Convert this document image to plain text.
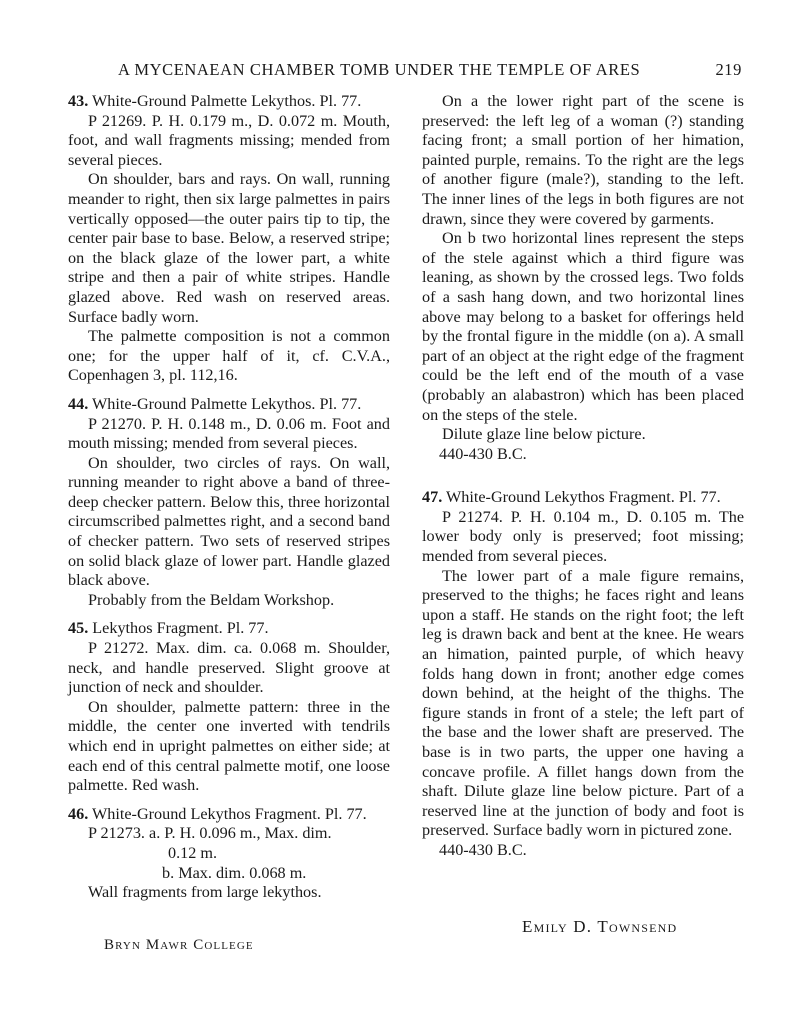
A MYCENAEAN CHAMBER TOMB UNDER THE TEMPLE OF ARES	219

43. White-Ground Palmette Lekythos. Pl. 77.

P 21269. P. H. 0.179 m., D. 0.072 m. Mouth, foot, and wall fragments missing; mended from several pieces.

On shoulder, bars and rays. On wall, running meander to right, then six large palmettes in pairs vertically opposed—the outer pairs tip to tip, the center pair base to base. Below, a reserved stripe; on the black glaze of the lower part, a white stripe and then a pair of white stripes. Handle glazed above. Red wash on reserved areas. Surface badly worn.

The palmette composition is not a common one; for the upper half of it, cf. C.V.A., Copenhagen 3, pl. 112,16.

44. White-Ground Palmette Lekythos. Pl. 77.

P 21270. P. H. 0.148 m., D. 0.06 m. Foot and mouth missing; mended from several pieces.

On shoulder, two circles of rays. On wall, running meander to right above a band of three-deep checker pattern. Below this, three horizontal circumscribed palmettes right, and a second band of checker pattern. Two sets of reserved stripes on solid black glaze of lower part. Handle glazed black above.

Probably from the Beldam Workshop.

45. Lekythos Fragment. Pl. 77.

P 21272. Max. dim. ca. 0.068 m. Shoulder, neck, and handle preserved. Slight groove at junction of neck and shoulder.

On shoulder, palmette pattern: three in the middle, the center one inverted with tendrils which end in upright palmettes on either side; at each end of this central palmette motif, one loose palmette. Red wash.

46. White-Ground Lekythos Fragment. Pl. 77.

P 21273. a. P. H. 0.096 m., Max. dim.

0.12 m.

b. Max. dim. 0.068 m.

Wall fragments from large lekythos.

On a the lower right part of the scene is preserved: the left leg of a woman (?) standing facing front; a small portion of her himation, painted purple, remains. To the right are the legs of another figure (male?), standing to the left. The inner lines of the legs in both figures are not drawn, since they were covered by garments.

On b two horizontal lines represent the steps of the stele against which a third figure was leaning, as shown by the crossed legs. Two folds of a sash hang down, and two horizontal lines above may belong to a basket for offerings held by the frontal figure in the middle (on a). A small part of an object at the right edge of the fragment could be the left end of the mouth of a vase (probably an alabastron) which has been placed on the steps of the stele.

Dilute glaze line below picture.

440-430 B.C.

47. White-Ground Lekythos Fragment. Pl. 77.

P 21274. P. H. 0.104 m., D. 0.105 m. The lower body only is preserved; foot missing; mended from several pieces.

The lower part of a male figure remains, preserved to the thighs; he faces right and leans upon a staff. He stands on the right foot; the left leg is drawn back and bent at the knee. He wears an himation, painted purple, of which heavy folds hang down in front; another edge comes down behind, at the height of the thighs. The figure stands in front of a stele; the left part of the base and the lower shaft are preserved. The base is in two parts, the upper one having a concave profile. A fillet hangs down from the shaft. Dilute glaze line below picture. Part of a reserved line at the junction of body and foot is preserved. Surface badly worn in pictured zone.

440-430 B.C.

Emily D. Townsend
Bryn Mawr College
